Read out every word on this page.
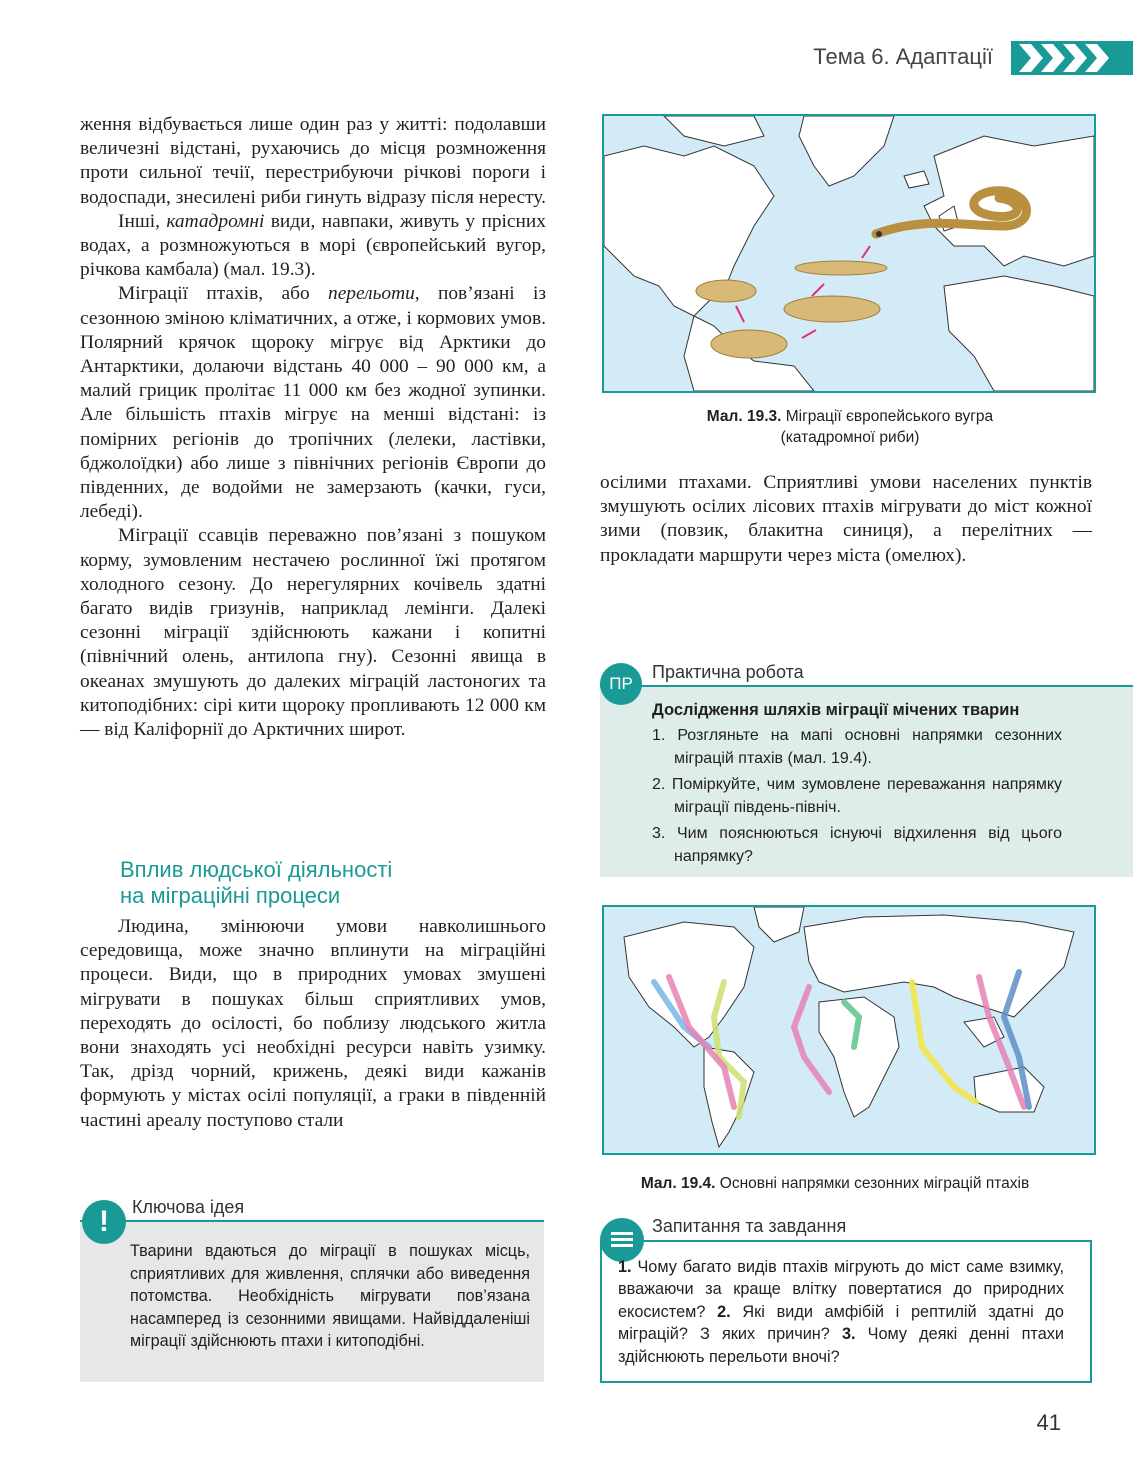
Тема 6. Адаптації

ження відбувається лише один раз у житті: подолавши величезні відстані, рухаючись до місця розмноження проти сильної течії, перестрибуючи річкові пороги і водоспади, знесилені риби гинуть відразу після нересту.

Інші, катадромні види, навпаки, живуть у прісних водах, а розмножуються в морі (європейський вугор, річкова камбала) (мал. 19.3).

Міграції птахів, або перельоти, пов’язані із сезонною зміною кліматичних, а отже, і кормових умов. Полярний крячок щороку мігрує від Арктики до Антарктики, долаючи відстань 40 000 – 90 000 км, а малий грицик пролітає 11 000 км без жодної зупинки. Але більшість птахів мігрує на менші відстані: із помірних регіонів до тропічних (лелеки, ластівки, бджолоїдки) або лише з північних регіонів Європи до південних, де водойми не замерзають (качки, гуси, лебеді).

Міграції ссавців переважно пов’язані з пошуком корму, зумовленим нестачею рослинної їжі протягом холодного сезону. До нерегулярних кочівель здатні багато видів гризунів, наприклад лемінги. Далекі сезонні міграції здійснюють кажани і копитні (північний олень, антилопа гну). Сезонні явища в океанах змушують до далеких міграцій ластоногих та китоподібних: сірі кити щороку пропливають 12 000 км — від Каліфорнії до Арктичних широт.

Вплив людської діяльності
на міграційні процеси

Людина, змінюючи умови навколишнього середовища, може значно вплинути на міграційні процеси. Види, що в природних умовах змушені мігрувати в пошуках більш сприятливих умов, переходять до осілості, бо поблизу людського житла вони знаходять усі необхідні ресурси навіть узимку. Так, дрізд чорний, крижень, деякі види кажанів формують у містах осілі популяції, а граки в південній частині ареалу поступово стали

!	Ключова ідея
Тварини вдаються до міграції в пошуках місць, сприятливих для живлення, сплячки або виведення потомства. Необхідність мігрувати пов’язана насамперед із сезонними явищами. Найвіддаленіші міграції здійснюють птахи і китоподібні.
Мал. 19.3. Міграції європейського вугра
(катадромної риби)

осілими птахами. Сприятливі умови населених пунктів змушують осілих лісових птахів мігрувати до міст кожної зими (повзик, блакитна синиця), а перелітних — прокладати маршрути через міста (омелюх).

ПР
Практична робота
Дослідження шляхів міграції мічених тварин
1. Розгляньте на мапі основні напрямки сезонних міграцій птахів (мал. 19.4).
2. Поміркуйте, чим зумовлене переважання напрямку міграції південь-північ.
3. Чим пояснюються існуючі відхилення від цього напрямку?
Мал. 19.4. Основні напрямки сезонних міграцій птахів
Запитання та завдання
1. Чому багато видів птахів мігрують до міст саме взимку, вважаючи за краще влітку повертатися до природних екосистем? 2. Які види амфібій і рептилій здатні до міграцій? З яких причин? 3. Чому деякі денні птахи здійснюють перельоти вночі?
41
